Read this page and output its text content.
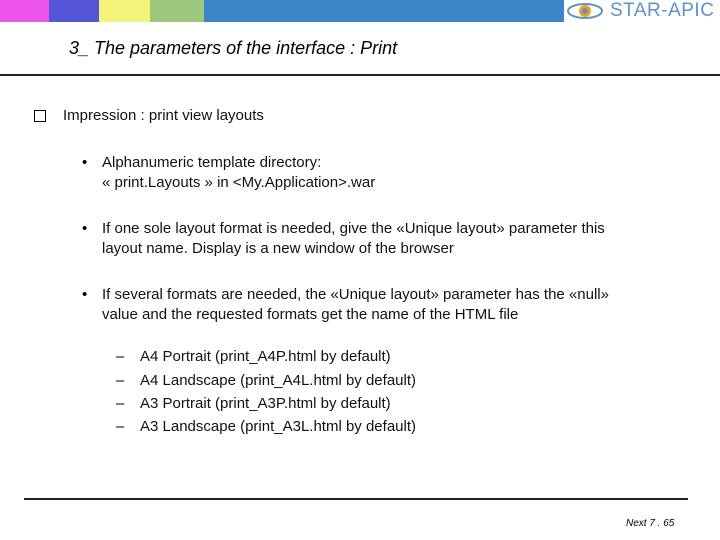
STAR-APIC
3_ The parameters of the interface : Print
Impression : print view layouts
• Alphanumeric template directory:
« print.Layouts » in <My.Application>.war
• If one sole layout format is needed, give the «Unique layout» parameter this
layout name. Display is a new window of the browser
• If several formats are needed, the «Unique layout» parameter has the «null»
value and the requested formats get the name of the HTML file
– A4 Portrait (print_A4P.html by default)
– A4 Landscape (print_A4L.html by default)
– A3 Portrait (print_A3P.html by default)
– A3 Landscape (print_A3L.html by default)
Next 7 . 65
